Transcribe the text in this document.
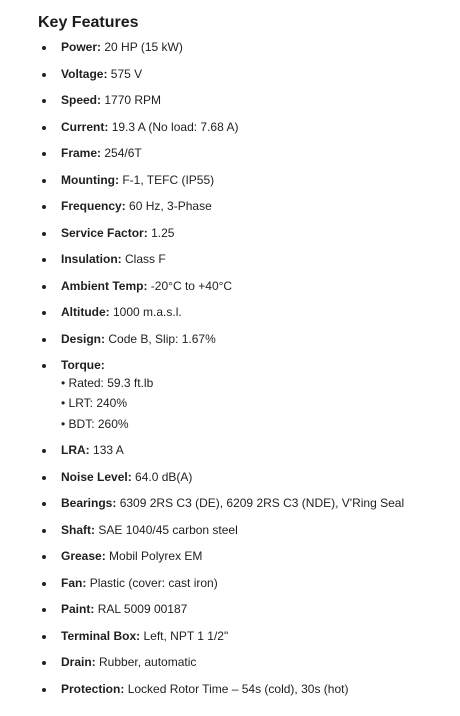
Key Features
Power: 20 HP (15 kW)
Voltage: 575 V
Speed: 1770 RPM
Current: 19.3 A (No load: 7.68 A)
Frame: 254/6T
Mounting: F-1, TEFC (IP55)
Frequency: 60 Hz, 3-Phase
Service Factor: 1.25
Insulation: Class F
Ambient Temp: -20°C to +40°C
Altitude: 1000 m.a.s.l.
Design: Code B, Slip: 1.67%
Torque:
• Rated: 59.3 ft.lb
• LRT: 240%
• BDT: 260%
LRA: 133 A
Noise Level: 64.0 dB(A)
Bearings: 6309 2RS C3 (DE), 6209 2RS C3 (NDE), V'Ring Seal
Shaft: SAE 1040/45 carbon steel
Grease: Mobil Polyrex EM
Fan: Plastic (cover: cast iron)
Paint: RAL 5009 00187
Terminal Box: Left, NPT 1 1/2"
Drain: Rubber, automatic
Protection: Locked Rotor Time – 54s (cold), 30s (hot)
